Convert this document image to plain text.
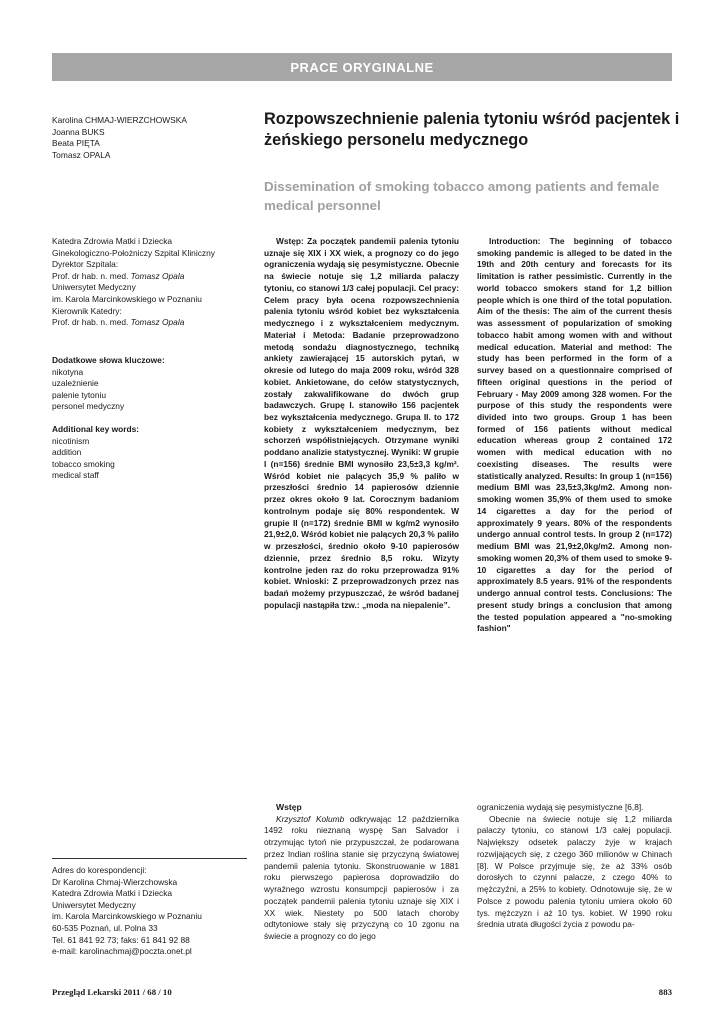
PRACE ORYGINALNE
Karolina CHMAJ-WIERZCHOWSKA
Joanna BUKS
Beata PIĘTA
Tomasz OPALA
Rozpowszechnienie palenia tytoniu wśród pacjentek i żeńskiego personelu medycznego
Dissemination of smoking tobacco among patients and female medical personnel
Katedra Zdrowia Matki i Dziecka
Ginekologiczno-Położniczy Szpital Kliniczny
Dyrektor Szpitala:
Prof. dr hab. n. med. Tomasz Opala
Uniwersytet Medyczny
im. Karola Marcinkowskiego w Poznaniu
Kierownik Katedry:
Prof. dr hab. n. med. Tomasz Opala
Dodatkowe słowa kluczowe:
nikotyna
uzależnienie
palenie tytoniu
personel medyczny
Additional key words:
nicotinism
addition
tobacco smoking
medical staff

Wstęp: Za początek pandemii palenia tytoniu uznaje się XIX i XX wiek, a prognozy co do jego ograniczenia wydają się pesymistyczne. Obecnie na świecie notuje się 1,2 miliarda palaczy tytoniu, co stanowi 1/3 całej populacji. Cel pracy: Celem pracy była ocena rozpowszechnienia palenia tytoniu wśród kobiet bez wykształcenia medycznego i z wykształceniem medycznym. Materiał i Metoda: Badanie przeprowadzono metodą sondażu diagnostycznego, techniką ankiety zawierającej 15 autorskich pytań, w okresie od lutego do maja 2009 roku, wśród 328 kobiet. Ankietowane, do celów statystycznych, zostały zakwalifikowane do dwóch grup badawczych. Grupę I. stanowiło 156 pacjentek bez wykształcenia medycznego. Grupa II. to 172 kobiety z wykształceniem medycznym, bez schorzeń współistniejących. Otrzymane wyniki poddano analizie statystycznej. Wyniki: W grupie I (n=156) średnie BMI wynosiło 23,5±3,3 kg/m². Wśród kobiet nie palących 35,9 % paliło w przeszłości średnio 14 papierosów dziennie przez okres około 9 lat. Corocznym badaniom kontrolnym podaje się 80% respondentek. W grupie II (n=172) średnie BMI w kg/m2 wynosiło 21,9±2,0. Wśród kobiet nie palących 20,3 % paliło w przeszłości, średnio około 9-10 papierosów dziennie, przez średnio 8,5 roku. Wizyty kontrolne jeden raz do roku przeprowadza 91% kobiet. Wnioski: Z przeprowadzonych przez nas badań możemy przypuszczać, że wśród badanej populacji nastąpiła tzw.: „moda na niepalenie”.

Introduction: The beginning of tobacco smoking pandemic is alleged to be dated in the 19th and 20th century and forecasts for its limitation is rather pessimistic. Currently in the world tobacco smokers stand for 1,2 billion people which is one third of the total population. Aim of the thesis: The aim of the current thesis was assessment of popularization of smoking tobacco habit among women with and without medical education. Material and method: The study has been performed in the form of a survey based on a questionnaire comprised of fifteen original questions in the period of February - May 2009 among 328 women. For the purpose of this study the respondents were divided into two groups. Group 1 has been formed of 156 patients without medical education whereas group 2 contained 172 women with medical education with no coexisting diseases. The results were statistically analyzed. Results: In group 1 (n=156) medium BMI was 23,5±3,3kg/m2. Among non-smoking women 35,9% of them used to smoke 14 cigarettes a day for the period of approximately 9 years. 80% of the respondents undergo annual control tests. In group 2 (n=172) medium BMI was 21,9±2,0kg/m2. Among non-smoking women 20,3% of them used to smoke 9-10 cigarettes a day for the period of approximately 8.5 years. 91% of the respondents undergo annual control tests. Conclusions: The present study brings a conclusion that among the tested population appeared a "no-smoking fashion"

Adres do korespondencji:
Dr Karolina Chmaj-Wierzchowska
Katedra Zdrowia Matki i Dziecka
Uniwersytet Medyczny
im. Karola Marcinkowskiego w Poznaniu
60-535 Poznań, ul. Polna 33
Tel. 61 841 92 73; faks: 61 841 92 88
e-mail: karolinachmaj@poczta.onet.pl
Wstęp

Krzysztof Kolumb odkrywając 12 października 1492 roku nieznaną wyspę San Salvador i otrzymując tytoń nie przypuszczał, że podarowana przez Indian roślina stanie się przyczyną światowej pandemii palenia tytoniu. Skonstruowanie w 1881 roku pierwszego papierosa doprowadziło do wyraźnego wzrostu konsumpcji papierosów i za początek pandemii palenia tytoniu uznaje się XIX i XX wiek. Niestety po 500 latach choroby odtytoniowe stały się przyczyną co 10 zgonu na świecie a prognozy co do jego

ograniczenia wydają się pesymistyczne [6,8].

Obecnie na świecie notuje się 1,2 miliarda palaczy tytoniu, co stanowi 1/3 całej populacji. Największy odsetek palaczy żyje w krajach rozwijających się, z czego 360 milionów w Chinach [8]. W Polsce przyjmuje się, że aż 33% osób dorosłych to czynni palacze, z czego 40% to mężczyźni, a 25% to kobiety. Odnotowuje się, że w Polsce z powodu palenia tytoniu umiera około 60 tys. mężczyzn i aż 10 tys. kobiet. W 1990 roku średnia utrata długości życia z powodu pa-

Przegląd Lekarski 2011 / 68 / 10	883
